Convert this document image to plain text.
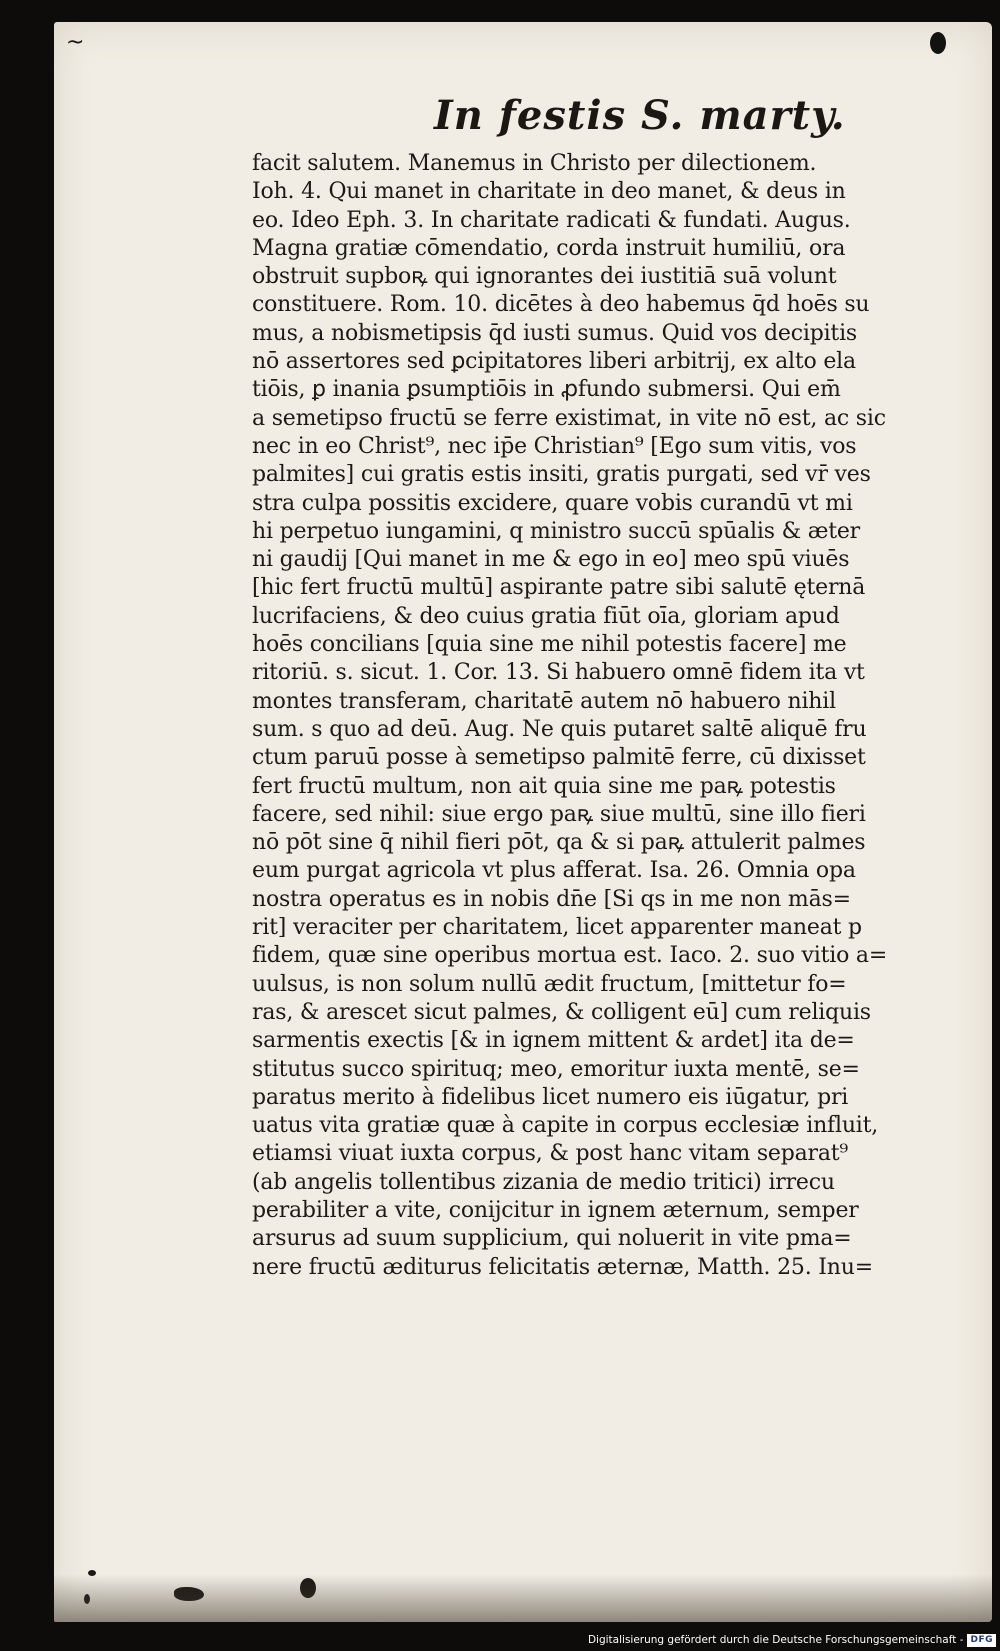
~
In festis S. marty.
facit salutem. Manemus in Christo per dilectionem.
Ioh. 4. Qui manet in charitate in deo manet, & deus in
eo. Ideo Eph. 3. In charitate radicati & fundati. Augus.
Magna gratiæ cōmendatio, corda instruit humiliū, ora
obstruit supboꝶ qui ignorantes dei iustitiā suā volunt
constituere. Rom. 10. dicētes à deo habemus q̄d hoēs su
mus, a nobismetipsis q̄d iusti sumus. Quid vos decipitis
nō assertores sed ꝑcipitatores liberi arbitrij, ex alto ela
tiōis, ꝑ inania ꝑsumptiōis in ꝓfundo submersi. Qui em̄
a semetipso fructū se ferre existimat, in vite nō est, ac sic
nec in eo Christ⁹, nec ip̄e Christian⁹ [Ego sum vitis, vos
palmites] cui gratis estis insiti, gratis purgati, sed vr̄ ves
stra culpa possitis excidere, quare vobis curandū vt mi
hi perpetuo iungamini, q ministro succū spūalis & æter
ni gaudij [Qui manet in me & ego in eo] meo spū viuēs
[hic fert fructū multū] aspirante patre sibi salutē ęternā
lucrifaciens, & deo cuius gratia fiūt oīa, gloriam apud
hoēs concilians [quia sine me nihil potestis facere] me
ritoriū. s. sicut. 1. Cor. 13. Si habuero omnē fidem ita vt
montes transferam, charitatē autem nō habuero nihil
sum. s quo ad deū. Aug. Ne quis putaret saltē aliquē fru
ctum paruū posse à semetipso palmitē ferre, cū dixisset
fert fructū multum, non ait quia sine me paꝶ potestis
facere, sed nihil: siue ergo paꝶ siue multū, sine illo fieri
nō pōt sine q̄ nihil fieri pōt, qa & si paꝶ attulerit palmes
eum purgat agricola vt plus afferat. Isa. 26. Omnia opa
nostra operatus es in nobis dn̄e [Si qs in me non mās=
rit] veraciter per charitatem, licet apparenter maneat p
fidem, quæ sine operibus mortua est. Iaco. 2. suo vitio a=
uulsus, is non solum nullū ædit fructum, [mittetur fo=
ras, & arescet sicut palmes, & colligent eū] cum reliquis
sarmentis exectis [& in ignem mittent & ardet] ita de=
stitutus succo spirituq; meo, emoritur iuxta mentē, se=
paratus merito à fidelibus licet numero eis iūgatur, pri
uatus vita gratiæ quæ à capite in corpus ecclesiæ influit,
etiamsi viuat iuxta corpus, & post hanc vitam separat⁹
(ab angelis tollentibus zizania de medio tritici) irrecu
perabiliter a vite, conijcitur in ignem æternum, semper
arsurus ad suum supplicium, qui noluerit in vite pma=
nere fructū æditurus felicitatis æternæ, Matth. 25. Inu=
Digitalisierung gefördert durch die Deutsche Forschungsgemeinschaft - DFG
